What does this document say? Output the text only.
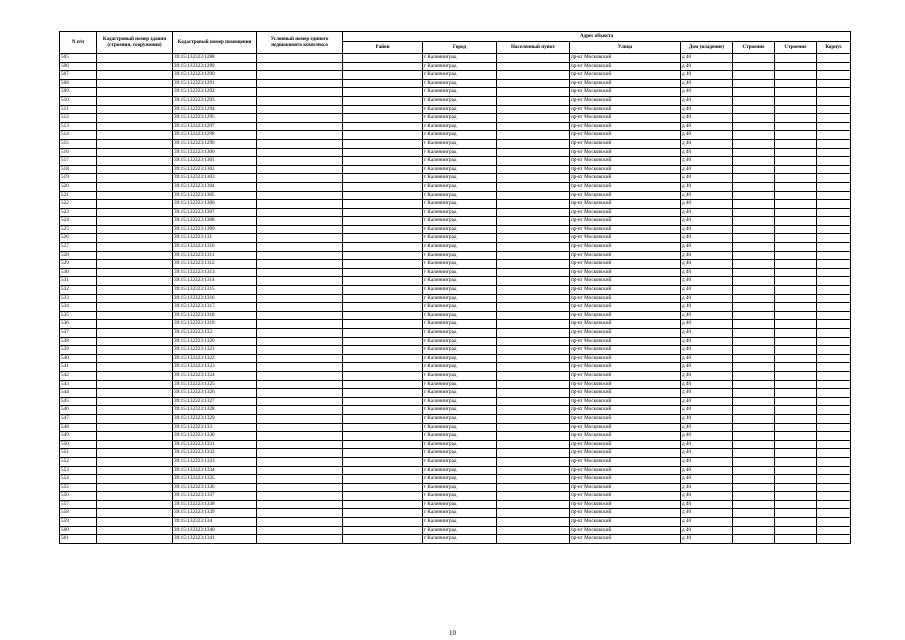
N п/п	Кадастровый номер здания (строения, сооружения)	Кадастровый номер помещения	Условный номер единого недвижимого комплекса	Адрес объекта							
				Район	Город	Населенный пункт	Улица	Дом (владение)	Строение	Строение	Корпус
505		39:15:132323:1288			г Калининград		пр-кт Московский	д 40			
506		39:15:132323:1289			г Калининград		пр-кт Московский	д 40			
507		39:15:132323:1290			г Калининград		пр-кт Московский	д 40			
508		39:15:132323:1291			г Калининград		пр-кт Московский	д 40			
509		39:15:132323:1292			г Калининград		пр-кт Московский	д 40			
510		39:15:132323:1293			г Калининград		пр-кт Московский	д 40			
511		39:15:132323:1294			г Калининград		пр-кт Московский	д 40			
512		39:15:132323:1295			г Калининград		пр-кт Московский	д 40			
513		39:15:132323:1297			г Калининград		пр-кт Московский	д 40			
514		39:15:132323:1298			г Калининград		пр-кт Московский	д 40			
515		39:15:132323:1299			г Калининград		пр-кт Московский	д 40			
516		39:15:132323:1300			г Калининград		пр-кт Московский	д 40			
517		39:15:132323:1301			г Калининград		пр-кт Московский	д 40			
518		39:15:132323:1302			г Калининград		пр-кт Московский	д 40			
519		39:15:132323:1303			г Калининград		пр-кт Московский	д 40			
520		39:15:132323:1304			г Калининград		пр-кт Московский	д 40			
521		39:15:132323:1305			г Калининград		пр-кт Московский	д 40			
522		39:15:132323:1306			г Калининград		пр-кт Московский	д 40			
523		39:15:132323:1307			г Калининград		пр-кт Московский	д 40			
524		39:15:132323:1308			г Калининград		пр-кт Московский	д 40			
525		39:15:132323:1309			г Калининград		пр-кт Московский	д 40			
526		39:15:132323:131			г Калининград		пр-кт Московский	д 40			
527		39:15:132323:1310			г Калининград		пр-кт Московский	д 40			
528		39:15:132323:1311			г Калининград		пр-кт Московский	д 40			
529		39:15:132323:1312			г Калининград		пр-кт Московский	д 40			
530		39:15:132323:1313			г Калининград		пр-кт Московский	д 40			
531		39:15:132323:1314			г Калининград		пр-кт Московский	д 40			
532		39:15:132323:1315			г Калининград		пр-кт Московский	д 40			
533		39:15:132323:1316			г Калининград		пр-кт Московский	д 40			
534		39:15:132323:1317			г Калининград		пр-кт Московский	д 40			
535		39:15:132323:1318			г Калининград		пр-кт Московский	д 40			
536		39:15:132323:1319			г Калининград		пр-кт Московский	д 40			
537		39:15:132323:132			г Калининград		пр-кт Московский	д 40			
538		39:15:132323:1320			г Калининград		пр-кт Московский	д 40			
539		39:15:132323:1321			г Калининград		пр-кт Московский	д 40			
540		39:15:132323:1322			г Калининград		пр-кт Московский	д 40			
541		39:15:132323:1323			г Калининград		пр-кт Московский	д 40			
542		39:15:132323:1324			г Калининград		пр-кт Московский	д 40			
543		39:15:132323:1325			г Калининград		пр-кт Московский	д 40			
544		39:15:132323:1326			г Калининград		пр-кт Московский	д 40			
545		39:15:132323:1327			г Калининград		пр-кт Московский	д 40			
546		39:15:132323:1328			г Калининград		пр-кт Московский	д 40			
547		39:15:132323:1329			г Калининград		пр-кт Московский	д 40			
548		39:15:132323:133			г Калининград		пр-кт Московский	д 40			
549		39:15:132323:1330			г Калининград		пр-кт Московский	д 40			
550		39:15:132323:1331			г Калининград		пр-кт Московский	д 40			
551		39:15:132323:1332			г Калининград		пр-кт Московский	д 40			
552		39:15:132323:1333			г Калининград		пр-кт Московский	д 40			
553		39:15:132323:1334			г Калининград		пр-кт Московский	д 40			
554		39:15:132323:1335			г Калининград		пр-кт Московский	д 40			
555		39:15:132323:1336			г Калининград		пр-кт Московский	д 40			
556		39:15:132323:1337			г Калининград		пр-кт Московский	д 40			
557		39:15:132323:1338			г Калининград		пр-кт Московский	д 40			
558		39:15:132323:1339			г Калининград		пр-кт Московский	д 40			
559		39:15:132323:134			г Калининград		пр-кт Московский	д 40			
560		39:15:132323:1340			г Калининград		пр-кт Московский	д 40			
561		39:15:132323:1341			г Калининград		пр-кт Московский	д 40			
10
